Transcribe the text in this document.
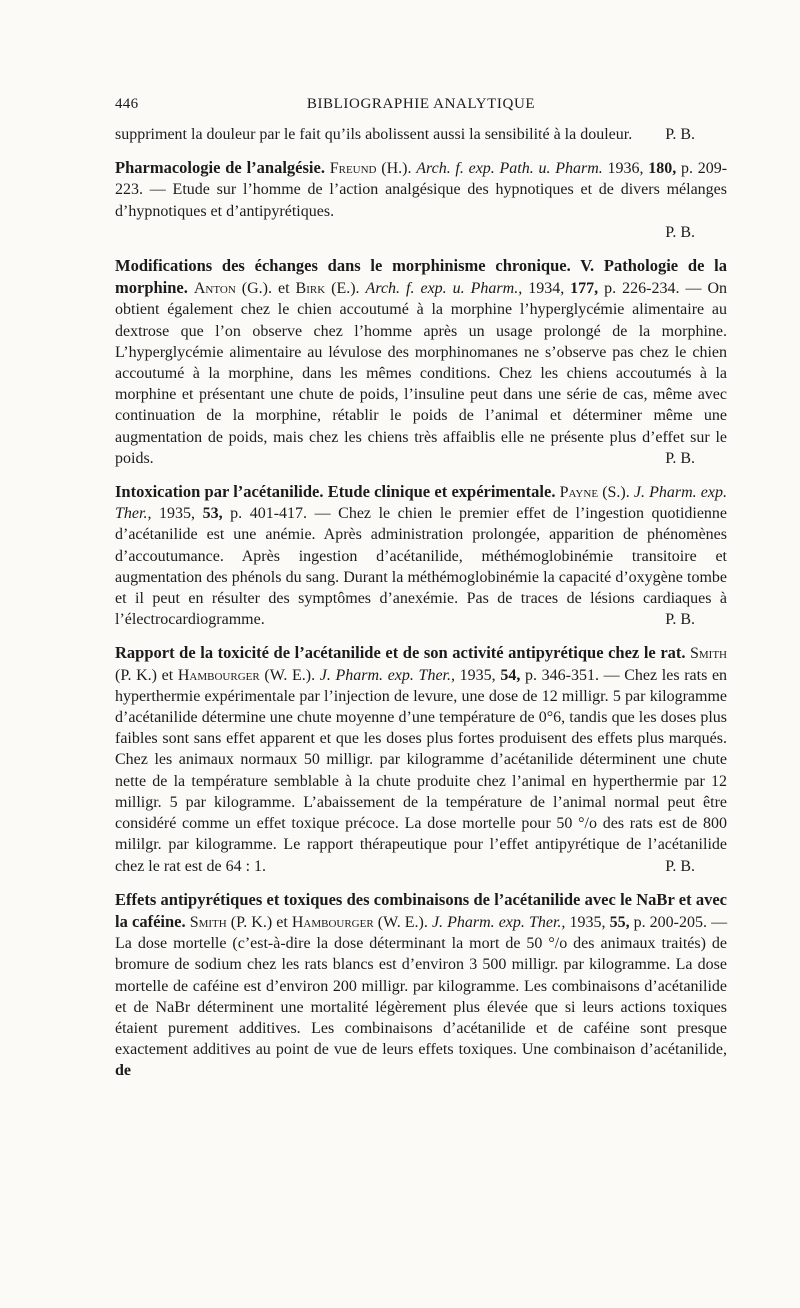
446	BIBLIOGRAPHIE ANALYTIQUE

suppriment la douleur par le fait qu’ils abolissent aussi la sensibilité à la douleur. P. B.

Pharmacologie de l’analgésie. Freund (H.). Arch. f. exp. Path. u. Pharm. 1936, 180, p. 209-223. — Etude sur l’homme de l’action analgésique des hypnotiques et de divers mélanges d’hypnotiques et d’antipyrétiques.
P. B.

Modifications des échanges dans le morphinisme chronique. V. Pathologie de la morphine. Anton (G.). et Birk (E.). Arch. f. exp. u. Pharm., 1934, 177, p. 226-234. — On obtient également chez le chien accoutumé à la morphine l’hyperglycémie alimentaire au dextrose que l’on observe chez l’homme après un usage prolongé de la morphine. L’hyperglycémie alimentaire au lévulose des morphinomanes ne s’observe pas chez le chien accoutumé à la morphine, dans les mêmes conditions. Chez les chiens accoutumés à la morphine et présentant une chute de poids, l’insuline peut dans une série de cas, même avec continuation de la morphine, rétablir le poids de l’animal et déterminer même une augmentation de poids, mais chez les chiens très affaiblis elle ne présente plus d’effet sur le poids.	P. B.

Intoxication par l’acétanilide. Etude clinique et expérimentale. Payne (S.). J. Pharm. exp. Ther., 1935, 53, p. 401-417. — Chez le chien le premier effet de l’ingestion quotidienne d’acétanilide est une anémie. Après administration prolongée, apparition de phénomènes d’accoutumance. Après ingestion d’acétanilide, méthémoglobinémie transitoire et augmentation des phénols du sang. Durant la méthémoglobinémie la capacité d’oxygène tombe et il peut en résulter des symptômes d’anexémie. Pas de traces de lésions cardiaques à l’électrocardiogramme.	P. B.

Rapport de la toxicité de l’acétanilide et de son activité antipyrétique chez le rat. Smith (P. K.) et Hambourger (W. E.). J. Pharm. exp. Ther., 1935, 54, p. 346-351. — Chez les rats en hyperthermie expérimentale par l’injection de levure, une dose de 12 milligr. 5 par kilogramme d’acétanilide détermine une chute moyenne d’une température de 0°6, tandis que les doses plus faibles sont sans effet apparent et que les doses plus fortes produisent des effets plus marqués. Chez les animaux normaux 50 milligr. par kilogramme d’acétanilide déterminent une chute nette de la température semblable à la chute produite chez l’animal en hyperthermie par 12 milligr. 5 par kilogramme. L’abaissement de la température de l’animal normal peut être considéré comme un effet toxique précoce. La dose mortelle pour 50 °/o des rats est de 800 mililgr. par kilogramme. Le rapport thérapeutique pour l’effet antipyrétique de l’acétanilide chez le rat est de 64 : 1.	P. B.

Effets antipyrétiques et toxiques des combinaisons de l’acétanilide avec le NaBr et avec la caféine. Smith (P. K.) et Hambourger (W. E.). J. Pharm. exp. Ther., 1935, 55, p. 200-205. — La dose mortelle (c’est-à-dire la dose déterminant la mort de 50 °/o des animaux traités) de bromure de sodium chez les rats blancs est d’environ 3 500 milligr. par kilogramme. La dose mortelle de caféine est d’environ 200 milligr. par kilogramme. Les combinaisons d’acétanilide et de NaBr déterminent une mortalité légèrement plus élevée que si leurs actions toxiques étaient purement additives. Les combinaisons d’acétanilide et de caféine sont presque exactement additives au point de vue de leurs effets toxiques. Une combinaison d’acétanilide, de
